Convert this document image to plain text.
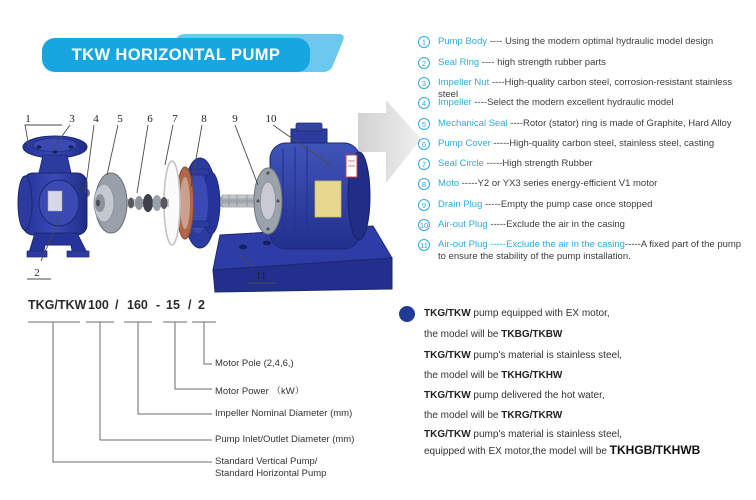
TKW HORIZONTAL PUMP
1	3 4 5 6 7 8 9	10
2	11
1	Pump Body ---- Using the modern optimal hydraulic model design
2	Seal Ring ---- high strength rubber parts
3	Impeller Nut ----High-quality carbon steel, corrosion-resistant stainless steel
4	Impeller ----Select the modern excellent hydraulic model
5	Mechanical Seal ----Rotor (stator) ring is made of Graphite, Hard Alloy
6	Pump Cover -----High-quality carbon steel, stainless steel, casting
7	Seal Circle -----High strength Rubber
8	Moto -----Y2 or YX3 series energy-efficient V1 motor
9	Drain Plug -----Empty the pump case once stopped
10 Air-out Plug -----Exclude the air in the casing
11 Air-out Plug -----Exclude the air in the casing-----A fixed part of the pump to ensure the stability of the pump installation.
TKG/TKW 100 / 160 - 15 / 2
Motor Pole (2,4,6,)
Motor Power （kW）
Impeller Nominal Diameter (mm)
Pump Inlet/Outlet Diameter (mm)
Standard Vertical Pump/
Standard Horizontal Pump
TKG/TKW pump equipped with EX motor,
the model will be TKBG/TKBW
TKG/TKW pump's material is stainless steel,
the model will be TKHG/TKHW
TKG/TKW pump delivered the hot water,
the model will be TKRG/TKRW
TKG/TKW pump's material is stainless steel,
equipped with EX motor,the model will be TKHGB/TKHWB
